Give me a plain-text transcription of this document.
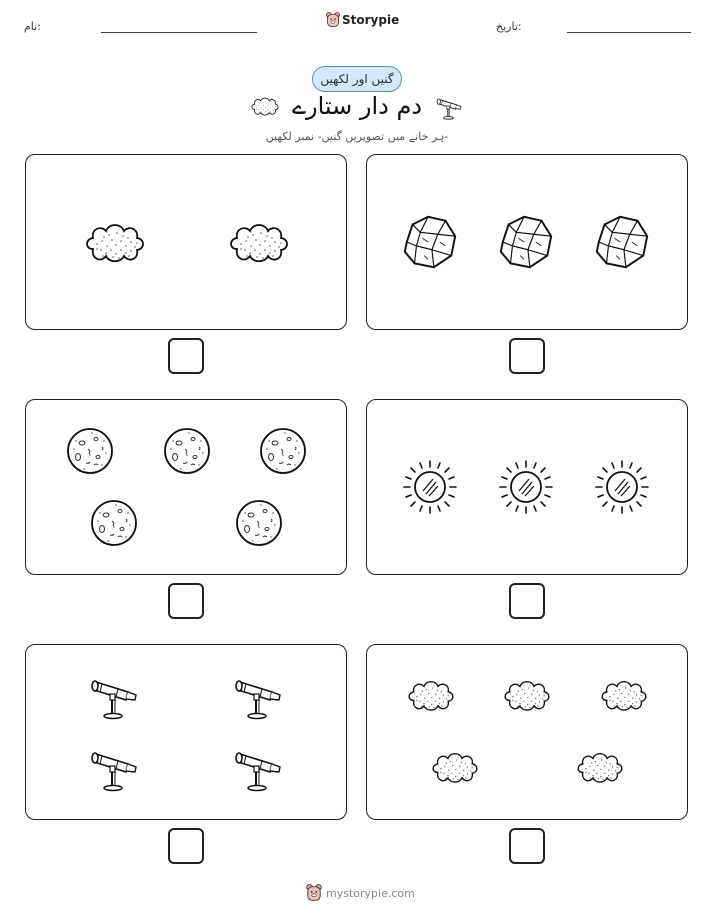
نام:	Storypie	تاریخ:
گنیں اور لکھیں
دم دار ستارے
ہر خانے میں تصویریں گنیں- نمبر لکھیں-
mystorypie.com
